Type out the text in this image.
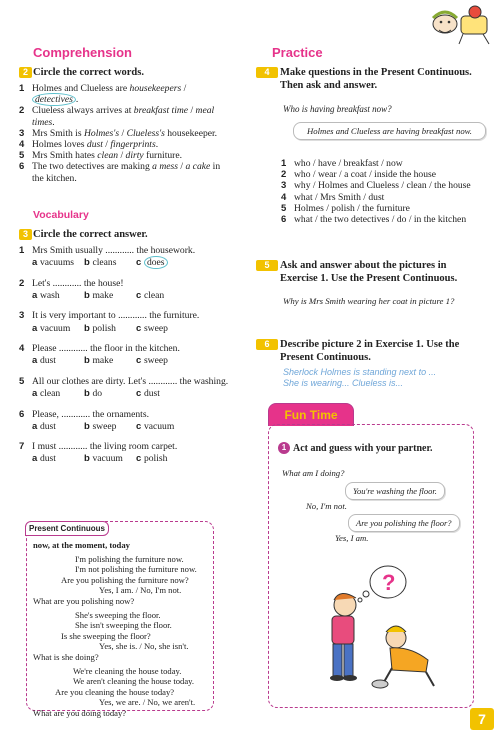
Comprehension
2 Circle the correct words.
1 Holmes and Clueless are housekeepers / detectives .
2 Clueless always arrives at breakfast time / meal times.
3 Mrs Smith is Holmes's / Clueless's housekeeper.
4 Holmes loves dust / fingerprints.
5 Mrs Smith hates clean / dirty furniture.
6 The two detectives are making a mess / a cake in the kitchen.
Vocabulary
3 Circle the correct answer.
1 Mrs Smith usually ............ the housework.
a vacuums b cleans c does
2 Let's ............ the house!
a wash	b make c clean
3 It is very important to ............ the furniture.
a vacuum b polish c sweep
4 Please ............ the floor in the kitchen.
a dust	b make c sweep
5 All our clothes are dirty. Let's ............ the washing.
a clean	b do	c dust
6 Please, ............ the ornaments.
a dust	b sweep c vacuum
7 I must ............ the living room carpet.
a dust	b vacuum c polish
Present Continuous
now, at the moment, today
I'm polishing the furniture now.
I'm not polishing the furniture now.
Are you polishing the furniture now?
Yes, I am. / No, I'm not.
What are you polishing now?
She's sweeping the floor.
She isn't sweeping the floor.
Is she sweeping the floor?
Yes, she is. / No, she isn't.
What is she doing?
We're cleaning the house today.
We aren't cleaning the house today.
Are you cleaning the house today?
Yes, we are. / No, we aren't.
What are you doing today?
Practice
4	Make questions in the Present Continuous. Then ask and answer.
Who is having breakfast now?
Holmes and Clueless are having breakfast now.
1 who / have / breakfast / now
2 who / wear / a coat / inside the house
3 why / Holmes and Clueless / clean / the house
4 what / Mrs Smith / dust
5 Holmes / polish / the furniture
6 what / the two detectives / do / in the kitchen
5	Ask and answer about the pictures in Exercise 1. Use the Present Continuous.
Why is Mrs Smith wearing her coat in picture 1?
6	Describe picture 2 in Exercise 1. Use the Present Continuous.
Sherlock Holmes is standing next to ...
She is wearing... Clueless is...
Fun Time
1 Act and guess with your partner.
What am I doing?
You're washing the floor.
No, I'm not.
Are you polishing the floor?
Yes, I am.
?
7
